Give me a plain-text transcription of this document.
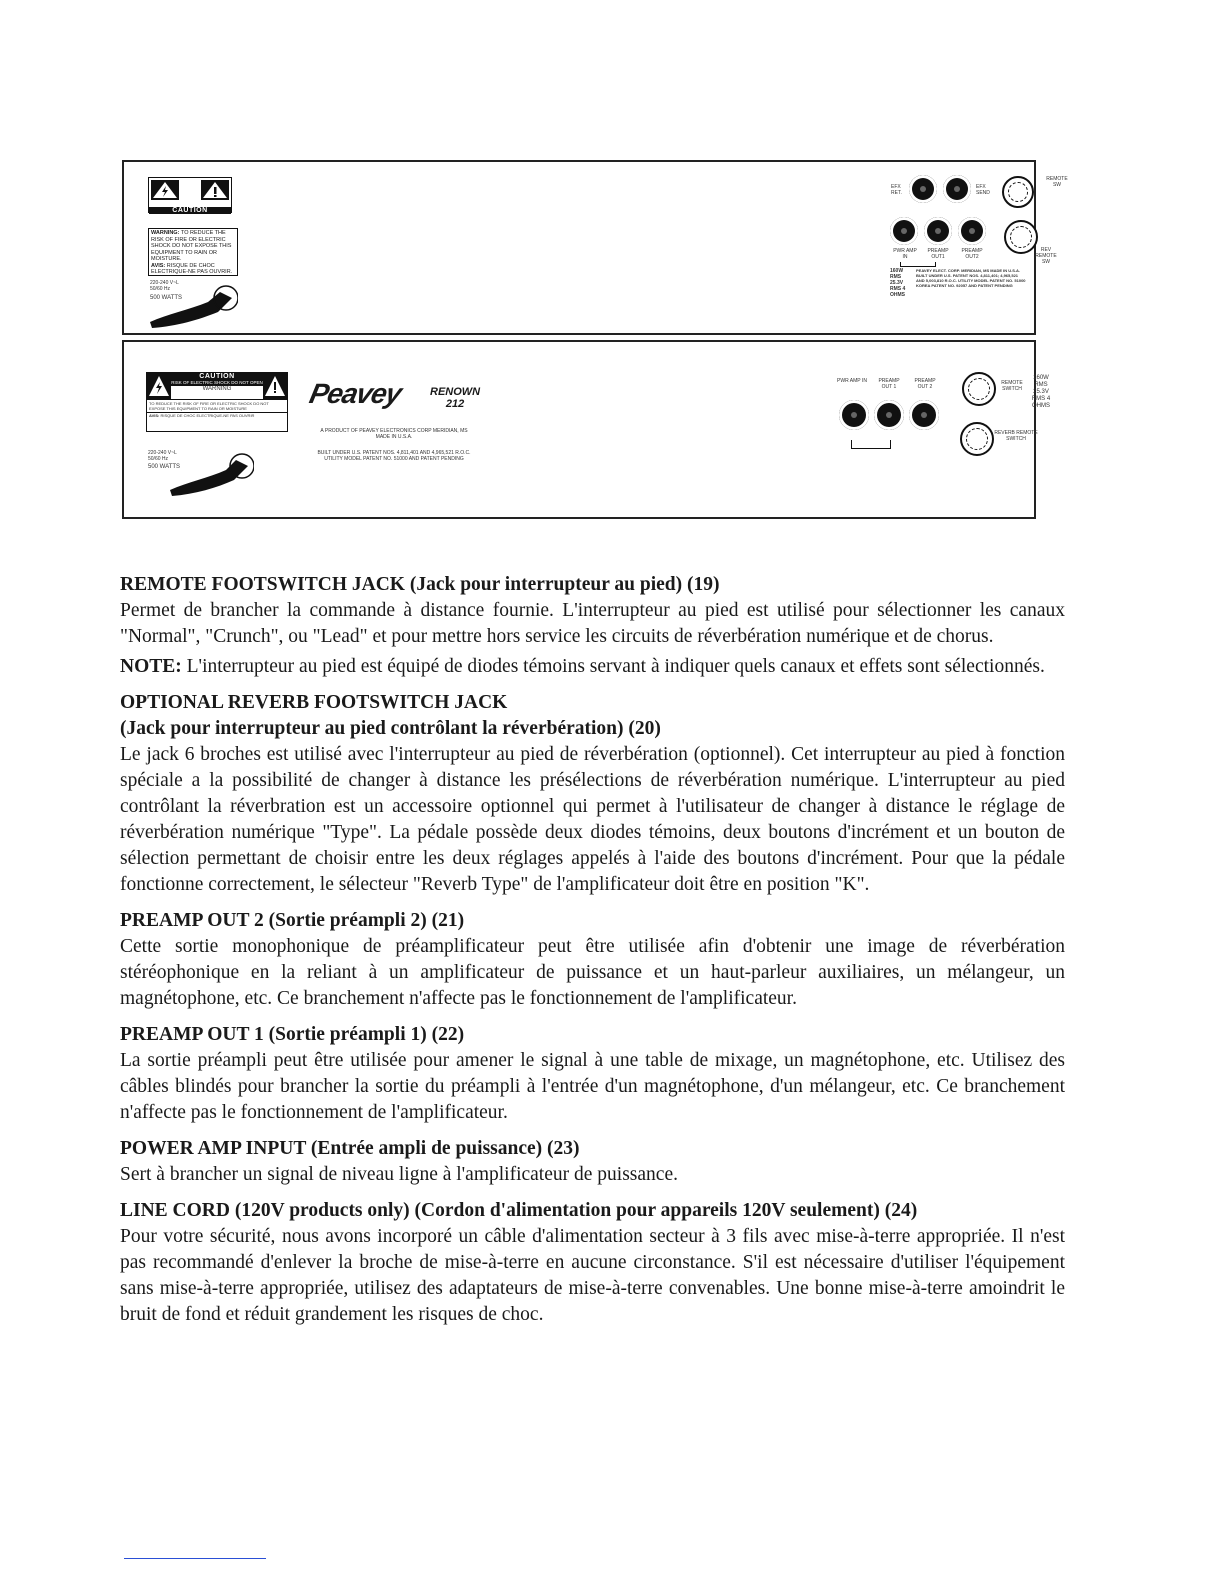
CAUTION
WARNING: TO REDUCE THE RISK OF FIRE OR ELECTRIC SHOCK DO NOT EXPOSE THIS EQUIPMENT TO RAIN OR MOISTURE.
AVIS: RISQUE DE CHOC ELECTRIQUE-NE PAS OUVRIR.
220-240 V~L 50/60 Hz
500 WATTS
EFX RET.
EFX SEND
PWR AMP IN
PREAMP OUT1
PREAMP OUT2
160W RMS 25.3V RMS 4 OHMS
PEAVEY ELECT. CORP. MERIDIAN, MS MADE IN U.S.A. BUILT UNDER U.S. PATENT NOS. 4,811,401; 4,965,521 AND 5,003,810 R.O.C. UTILITY MODEL PATENT NO. 51000 KOREA PATENT NO. 92057 AND PATENT PENDING
REMOTE SW
REV REMOTE SW
CAUTION
RISK OF ELECTRIC SHOCK DO NOT OPEN
WARNING
TO REDUCE THE RISK OF FIRE OR ELECTRIC SHOCK DO NOT EXPOSE THIS EQUIPMENT TO RAIN OR MOISTURE
AVIS: RISQUE DE CHOC ELECTRIQUE-NE PAS OUVRIR
220-240 V~L 50/60 Hz
500 WATTS
Peavey RENOWN
212
A PRODUCT OF PEAVEY ELECTRONICS CORP MERIDIAN, MS MADE IN U.S.A.
BUILT UNDER U.S. PATENT NOS. 4,811,401 AND 4,965,521 R.O.C. UTILITY MODEL PATENT NO. 51000 AND PATENT PENDING
PWR AMP IN	PREAMP OUT 1
PREAMP OUT 2
REMOTE SWITCH
REVERB REMOTE SWITCH
160W RMS 25.3V RMS 4 OHMS
REMOTE FOOTSWITCH JACK (Jack pour interrupteur au pied) (19)

Permet de brancher la commande à distance fournie. L'interrupteur au pied est utilisé pour sélectionner les canaux "Normal", "Crunch", ou "Lead" et pour mettre hors service les circuits de réverbération numérique et de chorus.

NOTE: L'interrupteur au pied est équipé de diodes témoins servant à indiquer quels canaux et effets sont sélectionnés.

OPTIONAL REVERB FOOTSWITCH JACK
(Jack pour interrupteur au pied contrôlant la réverbération) (20)

Le jack 6 broches est utilisé avec l'interrupteur au pied de réverbération (optionnel). Cet interrupteur au pied à fonction spéciale a la possibilité de changer à distance les présélections de réverbération numérique. L'interrupteur au pied contrôlant la réverbration est un accessoire optionnel qui permet à l'utilisateur de changer à distance le réglage de réverbération numérique "Type". La pédale possède deux diodes témoins, deux boutons d'incrément et un bouton de sélection permettant de choisir entre les deux réglages appelés à l'aide des boutons d'incrément. Pour que la pédale fonctionne correctement, le sélecteur "Reverb Type" de l'amplificateur doit être en position "K".

PREAMP OUT 2 (Sortie préampli 2) (21)

Cette sortie monophonique de préamplificateur peut être utilisée afin d'obtenir une image de réverbération stéréophonique en la reliant à un amplificateur de puissance et un haut-parleur auxiliaires, un mélangeur, un magnétophone, etc. Ce branchement n'affecte pas le fonctionnement de l'amplificateur.

PREAMP OUT 1 (Sortie préampli 1) (22)

La sortie préampli peut être utilisée pour amener le signal à une table de mixage, un magnétophone, etc. Utilisez des câbles blindés pour brancher la sortie du préampli à l'entrée d'un magnétophone, d'un mélangeur, etc. Ce branchement n'affecte pas le fonctionnement de l'amplificateur.

POWER AMP INPUT (Entrée ampli de puissance) (23)

Sert à brancher un signal de niveau ligne à l'amplificateur de puissance.

LINE CORD (120V products only) (Cordon d'alimentation pour appareils 120V seulement) (24)

Pour votre sécurité, nous avons incorporé un câble d'alimentation secteur à 3 fils avec mise-à-terre appropriée. Il n'est pas recommandé d'enlever la broche de mise-à-terre en aucune circonstance. S'il est nécessaire d'utiliser l'équipement sans mise-à-terre appropriée, utilisez des adaptateurs de mise-à-terre convenables. Une bonne mise-à-terre amoindrit le bruit de fond et réduit grandement les risques de choc.
